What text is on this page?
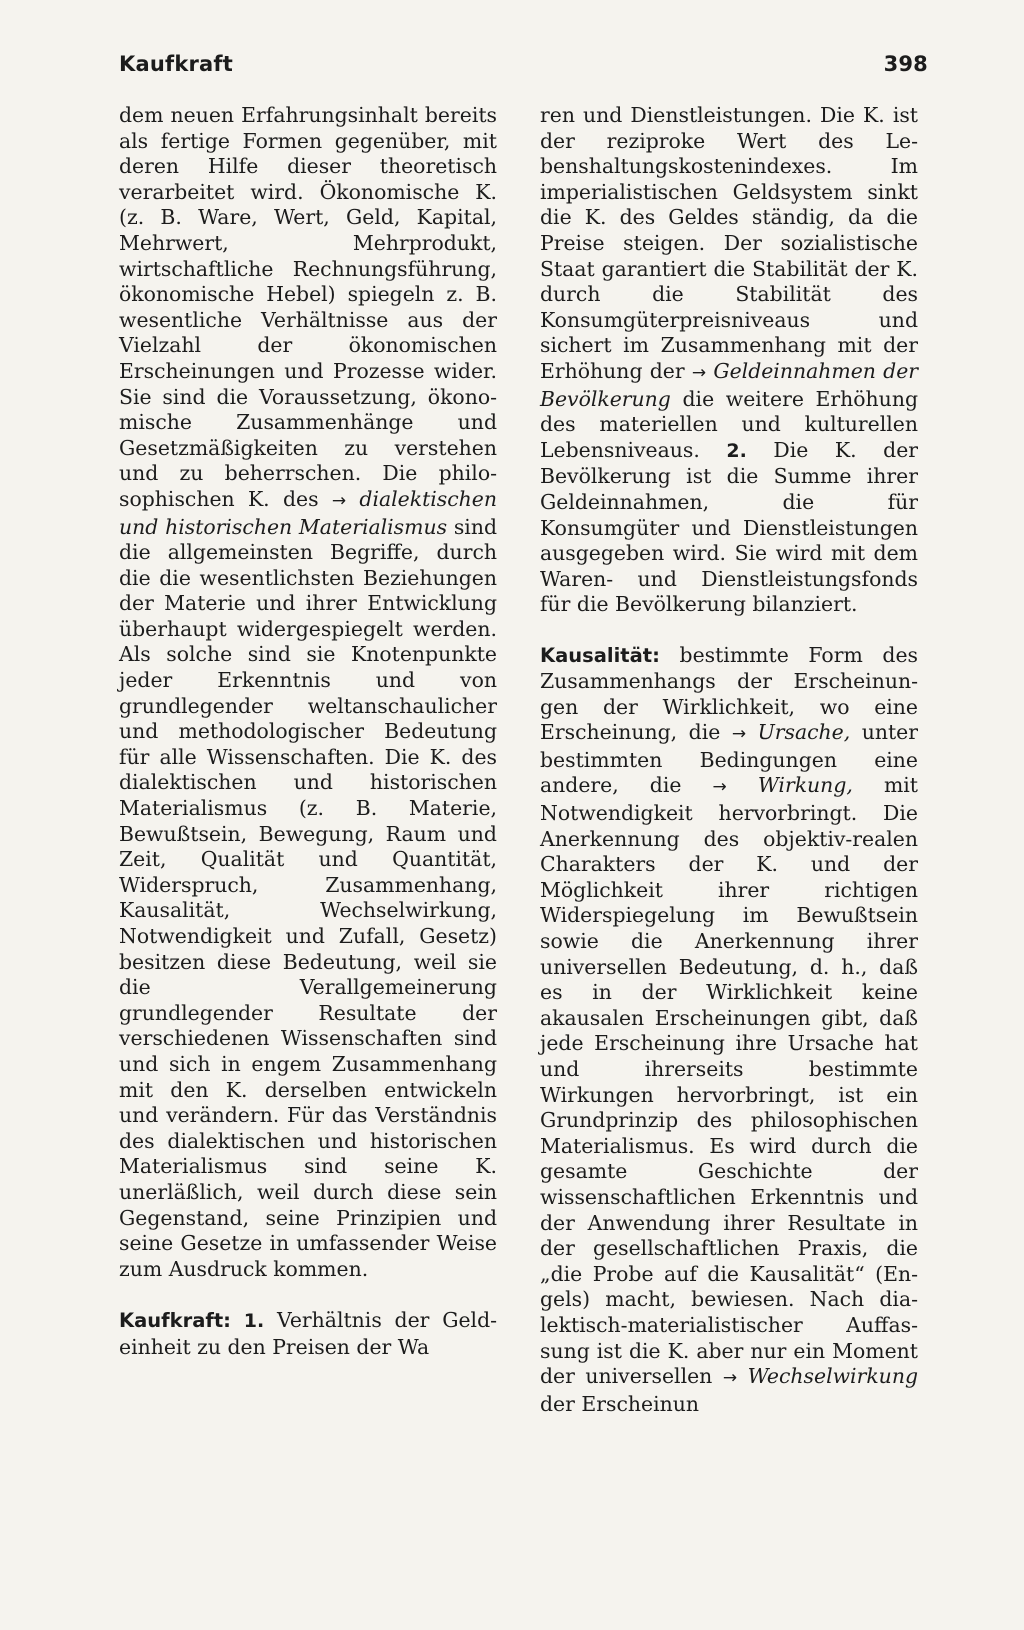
Kaufkraft	398

dem neuen Erfahrungsinhalt bereits als fertige Formen gegenüber, mit deren Hilfe dieser theoretisch verarbeitet wird. Ökonomische K. (z. B. Ware, Wert, Geld, Kapital, Mehrwert, Mehrprodukt, wirtschaftliche Rechnungsführung, ökonomische Hebel) spiegeln z. B. wesentliche Verhältnisse aus der Vielzahl der ökonomischen Erscheinungen und Prozesse wider. Sie sind die Voraussetzung, ökonomische Zusammenhänge und Gesetzmäßigkeiten zu verstehen und zu beherrschen. Die philosophischen K. des → dialektischen und historischen Materialismus sind die allgemeinsten Begriffe, durch die die wesentlichsten Beziehungen der Materie und ihrer Entwicklung überhaupt widergespiegelt werden. Als solche sind sie Knotenpunkte jeder Erkenntnis und von grundlegender weltanschaulicher und methodologischer Bedeutung für alle Wissenschaften. Die K. des dialektischen und historischen Materialismus (z. B. Materie, Bewußtsein, Bewegung, Raum und Zeit, Qualität und Quantität, Widerspruch, Zusammenhang, Kausalität, Wechselwirkung, Notwendigkeit und Zufall, Gesetz) besitzen diese Bedeutung, weil sie die Verallgemeinerung grundlegender Resultate der verschiedenen Wissenschaften sind und sich in engem Zusammenhang mit den K. derselben entwickeln und verändern. Für das Verständnis des dialektischen und historischen Materialismus sind seine K. unerläßlich, weil durch diese sein Gegenstand, seine Prinzipien und seine Gesetze in umfassender Weise zum Ausdruck kommen.

Kaufkraft: 1. Verhältnis der Geldeinheit zu den Preisen der Wa

ren und Dienstleistungen. Die K. ist der reziproke Wert des Lebenshaltungskostenindexes. Im imperialistischen Geldsystem sinkt die K. des Geldes ständig, da die Preise steigen. Der sozialistische Staat garantiert die Stabilität der K. durch die Stabilität des Konsumgüterpreisniveaus und sichert im Zusammenhang mit der Erhöhung der → Geldeinnahmen der Bevölkerung die weitere Erhöhung des materiellen und kulturellen Lebensniveaus. 2. Die K. der Bevölkerung ist die Summe ihrer Geldeinnahmen, die für Konsumgüter und Dienstleistungen ausgegeben wird. Sie wird mit dem Waren- und Dienstleistungsfonds für die Bevölkerung bilanziert.

Kausalität: bestimmte Form des Zusammenhangs der Erscheinungen der Wirklichkeit, wo eine Erscheinung, die → Ursache, unter bestimmten Bedingungen eine andere, die → Wirkung, mit Notwendigkeit hervorbringt. Die Anerkennung des objektiv-realen Charakters der K. und der Möglichkeit ihrer richtigen Widerspiegelung im Bewußtsein sowie die Anerkennung ihrer universellen Bedeutung, d. h., daß es in der Wirklichkeit keine akausalen Erscheinungen gibt, daß jede Erscheinung ihre Ursache hat und ihrerseits bestimmte Wirkungen hervorbringt, ist ein Grundprinzip des philosophischen Materialismus. Es wird durch die gesamte Geschichte der wissenschaftlichen Erkenntnis und der Anwendung ihrer Resultate in der gesellschaftlichen Praxis, die „die Probe auf die Kausalität“ (Engels) macht, bewiesen. Nach dialektisch-materialistischer Auffassung ist die K. aber nur ein Moment der universellen → Wechselwirkung der Erscheinun
